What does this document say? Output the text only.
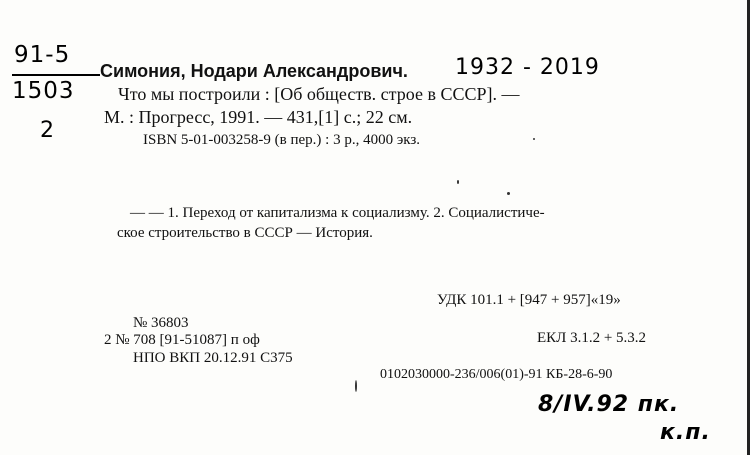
91-5
1503
2
Симония, Нодари Александрович. 1932 - 2019
Что мы построили : [Об обществ. строе в СССР]. —
М. : Прогресс, 1991. — 431,[1] с.; 22 см.
ISBN 5-01-003258-9 (в пер.) : 3 р., 4000 экз.
— — 1. Переход от капитализма к социализму. 2. Социалистиче-
ское строительство в СССР — История.
УДК 101.1 + [947 + 957]«19»
№ 36803
2 № 708 [91-51087] п оф	ЕКЛ 3.1.2 + 5.3.2
НПО ВКП 20.12.91 С375
0102030000-236/006(01)-91 КБ-28-6-90
8/IV.92 пк.
к.п.
